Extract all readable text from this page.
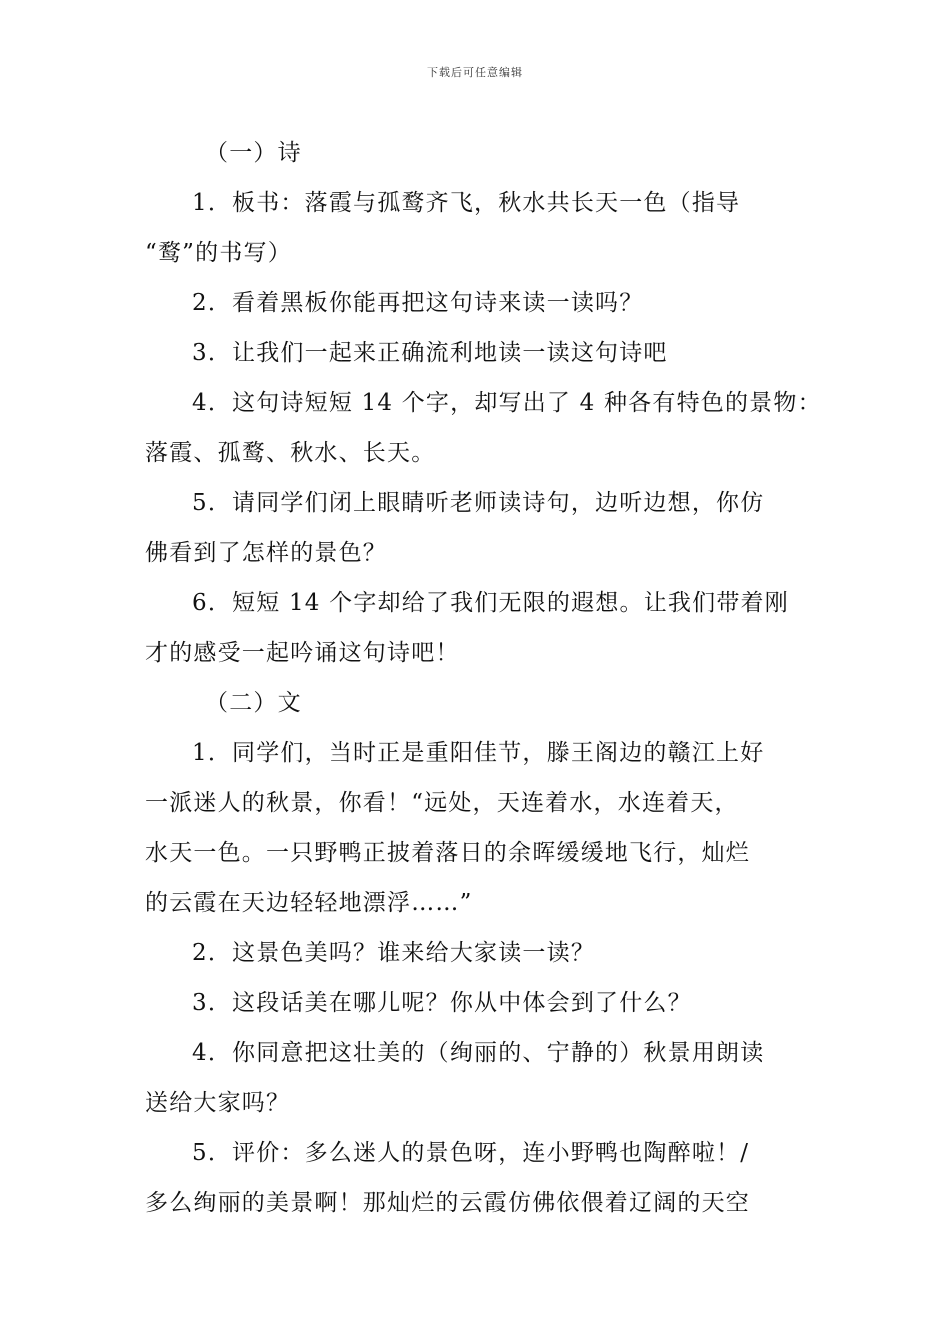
下载后可任意编辑
（一）诗
1．板书：落霞与孤鹜齐飞，秋水共长天一色（指导
“鹜”的书写）
2．看着黑板你能再把这句诗来读一读吗？
3．让我们一起来正确流利地读一读这句诗吧
4．这句诗短短 14 个字，却写出了 4 种各有特色的景物：
落霞、孤鹜、秋水、长天。
5．请同学们闭上眼睛听老师读诗句，边听边想，你仿
佛看到了怎样的景色？
6．短短 14 个字却给了我们无限的遐想。让我们带着刚
才的感受一起吟诵这句诗吧！
（二）文
1．同学们，当时正是重阳佳节，滕王阁边的赣江上好
一派迷人的秋景，你看！“远处，天连着水，水连着天，
水天一色。一只野鸭正披着落日的余晖缓缓地飞行，灿烂
的云霞在天边轻轻地漂浮……”
2．这景色美吗？谁来给大家读一读？
3．这段话美在哪儿呢？你从中体会到了什么？
4．你同意把这壮美的（绚丽的、宁静的）秋景用朗读
送给大家吗？
5．评价：多么迷人的景色呀，连小野鸭也陶醉啦！/
多么绚丽的美景啊！那灿烂的云霞仿佛依偎着辽阔的天空
